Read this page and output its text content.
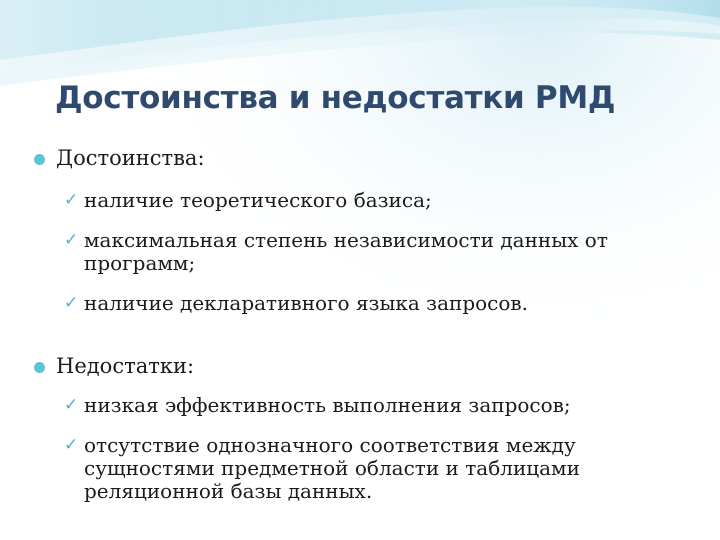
Достоинства и недостатки РМД
Достоинства:
✓ наличие теоретического базиса;
✓ максимальная степень независимости данных от программ;
✓ наличие декларативного языка запросов.
Недостатки:
✓ низкая эффективность выполнения запросов;
✓ отсутствие однозначного соответствия между сущностями предметной области и таблицами реляционной базы данных.
